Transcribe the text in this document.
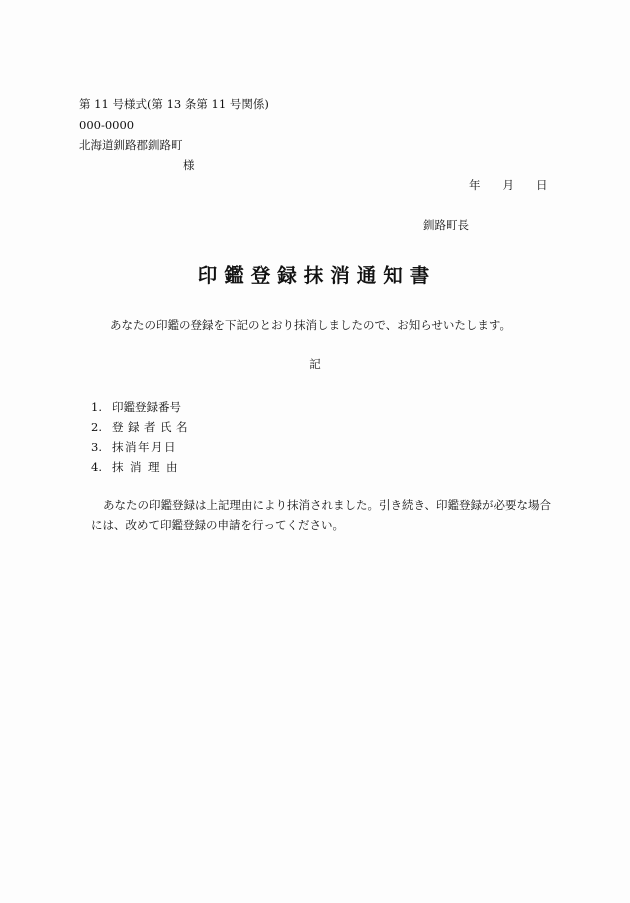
第 11 号様式(第 13 条第 11 号関係)
000-0000
北海道釧路郡釧路町
様
年 月 日
釧路町長
印鑑登録抹消通知書
あなたの印鑑の登録を下記のとおり抹消しましたので、お知らせいたします。
記
1. 印鑑登録番号
2. 登録者氏名
3. 抹消年月日
4. 抹消理由
あなたの印鑑登録は上記理由により抹消されました。引き続き、印鑑登録が必要な場合には、改めて印鑑登録の申請を行ってください。
